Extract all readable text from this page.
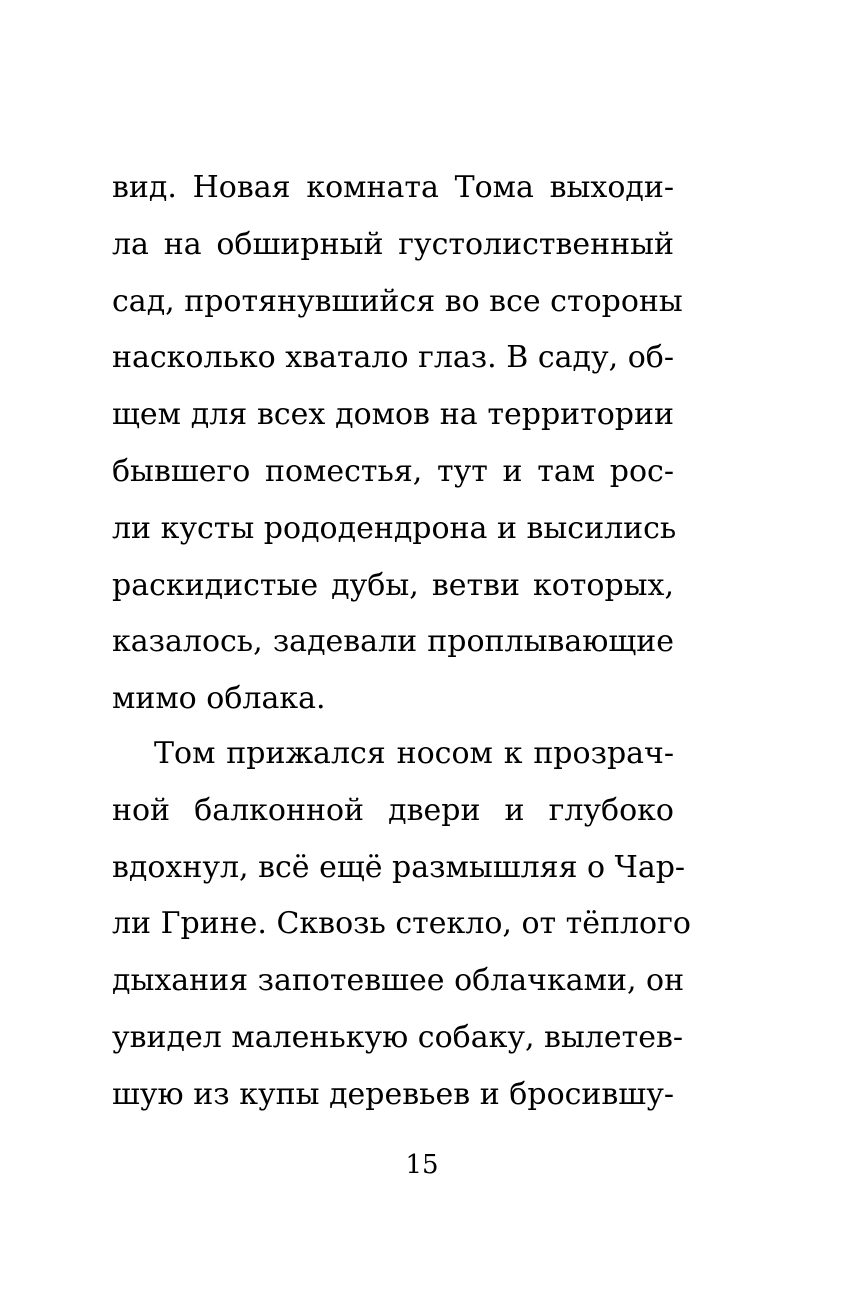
вид. Новая комната Тома выходи-
ла на обширный густолиственный
сад, протянувшийся во все стороны
насколько хватало глаз. В саду, об-
щем для всех домов на территории
бывшего поместья, тут и там рос-
ли кусты рододендрона и высились
раскидистые дубы, ветви которых,
казалось, задевали проплывающие
мимо облака.
Том прижался носом к прозрач-
ной балконной двери и глубоко
вдохнул, всё ещё размышляя о Чар-
ли Грине. Сквозь стекло, от тёплого
дыхания запотевшее облачками, он
увидел маленькую собаку, вылетев-
шую из купы деревьев и бросившу-
15
